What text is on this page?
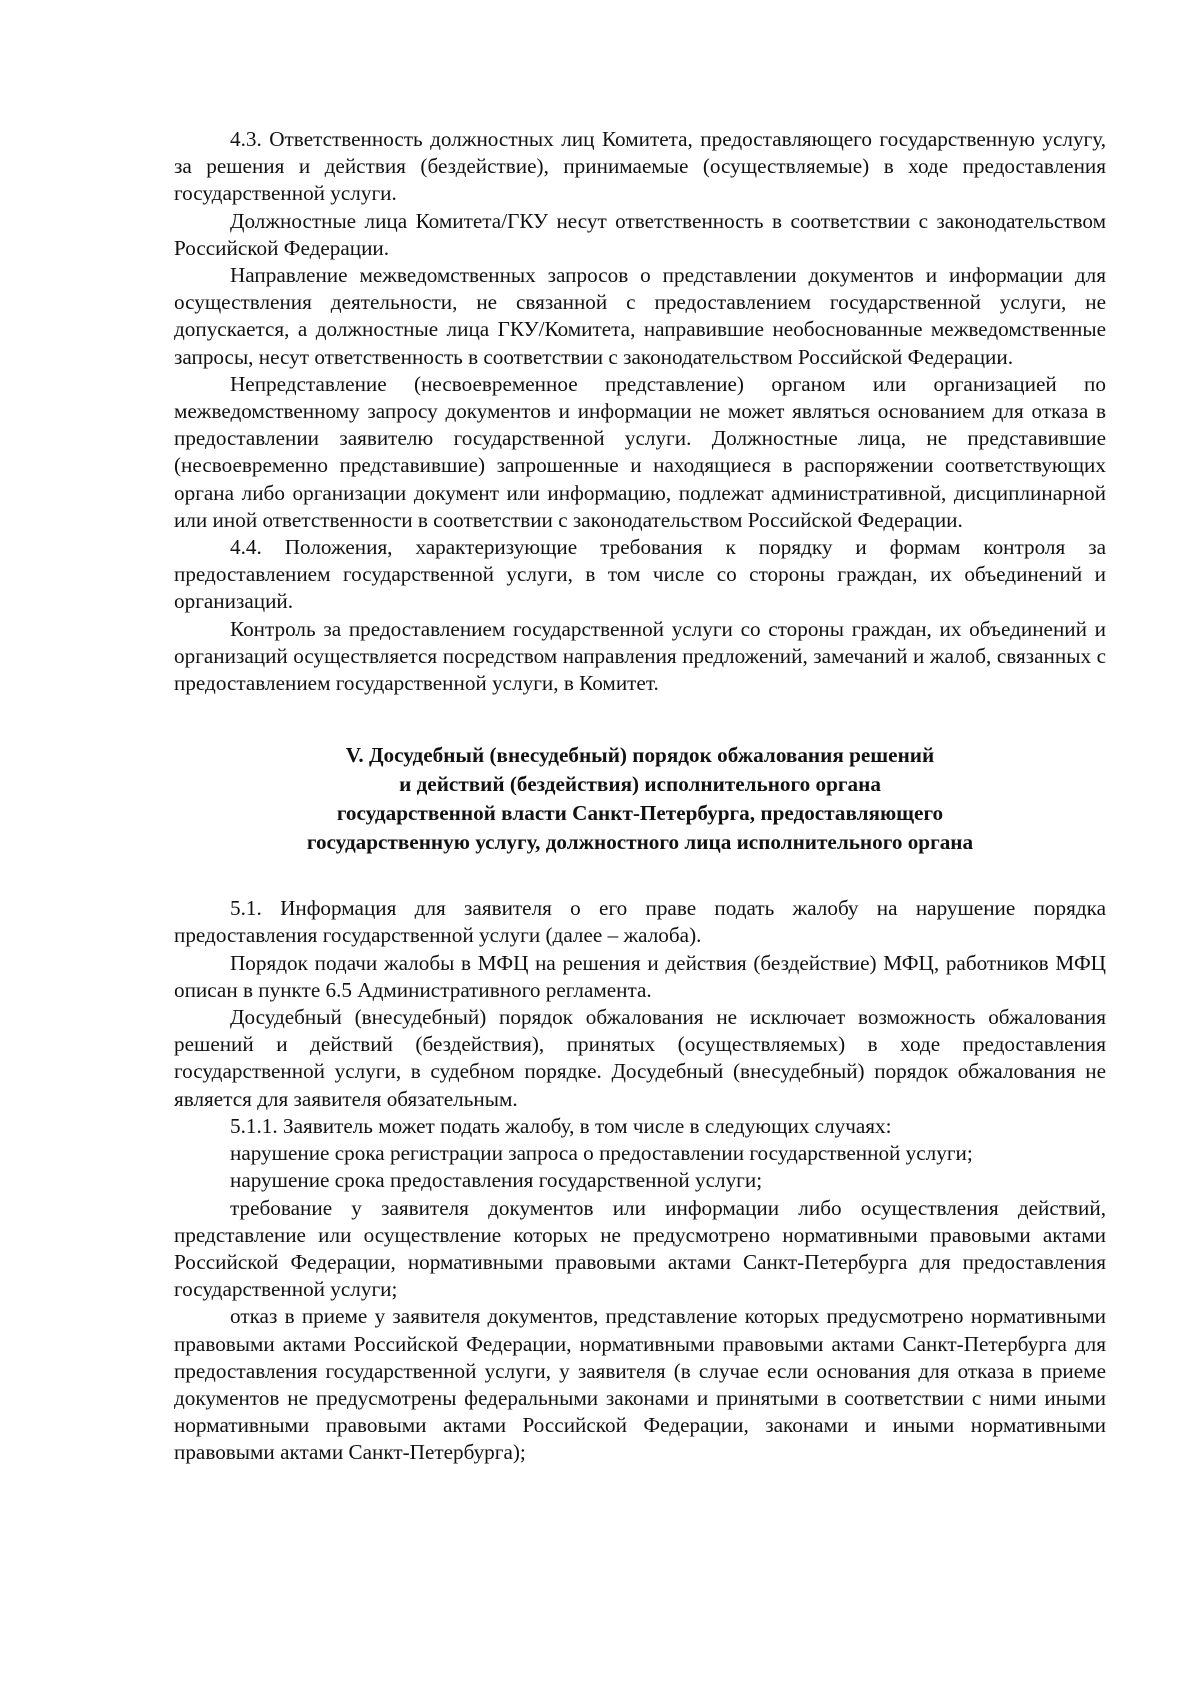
4.3. Ответственность должностных лиц Комитета, предоставляющего государственную услугу, за решения и действия (бездействие), принимаемые (осуществляемые) в ходе предоставления государственной услуги.

Должностные лица Комитета/ГКУ несут ответственность в соответствии с законодательством Российской Федерации.

Направление межведомственных запросов о представлении документов и информации для осуществления деятельности, не связанной с предоставлением государственной услуги, не допускается, а должностные лица ГКУ/Комитета, направившие необоснованные межведомственные запросы, несут ответственность в соответствии с законодательством Российской Федерации.

Непредставление (несвоевременное представление) органом или организацией по межведомственному запросу документов и информации не может являться основанием для отказа в предоставлении заявителю государственной услуги. Должностные лица, не представившие (несвоевременно представившие) запрошенные и находящиеся в распоряжении соответствующих органа либо организации документ или информацию, подлежат административной, дисциплинарной или иной ответственности в соответствии с законодательством Российской Федерации.

4.4. Положения, характеризующие требования к порядку и формам контроля за предоставлением государственной услуги, в том числе со стороны граждан, их объединений и организаций.

Контроль за предоставлением государственной услуги со стороны граждан, их объединений и организаций осуществляется посредством направления предложений, замечаний и жалоб, связанных с предоставлением государственной услуги, в Комитет.

V. Досудебный (внесудебный) порядок обжалования решений
и действий (бездействия) исполнительного органа
государственной власти Санкт-Петербурга, предоставляющего
государственную услугу, должностного лица исполнительного органа

5.1. Информация для заявителя о его праве подать жалобу на нарушение порядка предоставления государственной услуги (далее – жалоба).

Порядок подачи жалобы в МФЦ на решения и действия (бездействие) МФЦ, работников МФЦ описан в пункте 6.5 Административного регламента.

Досудебный (внесудебный) порядок обжалования не исключает возможность обжалования решений и действий (бездействия), принятых (осуществляемых) в ходе предоставления государственной услуги, в судебном порядке. Досудебный (внесудебный) порядок обжалования не является для заявителя обязательным.

5.1.1. Заявитель может подать жалобу, в том числе в следующих случаях:

нарушение срока регистрации запроса о предоставлении государственной услуги;

нарушение срока предоставления государственной услуги;

требование у заявителя документов или информации либо осуществления действий, представление или осуществление которых не предусмотрено нормативными правовыми актами Российской Федерации, нормативными правовыми актами Санкт-Петербурга для предоставления государственной услуги;

отказ в приеме у заявителя документов, представление которых предусмотрено нормативными правовыми актами Российской Федерации, нормативными правовыми актами Санкт-Петербурга для предоставления государственной услуги, у заявителя (в случае если основания для отказа в приеме документов не предусмотрены федеральными законами и принятыми в соответствии с ними иными нормативными правовыми актами Российской Федерации, законами и иными нормативными правовыми актами Санкт-Петербурга);
